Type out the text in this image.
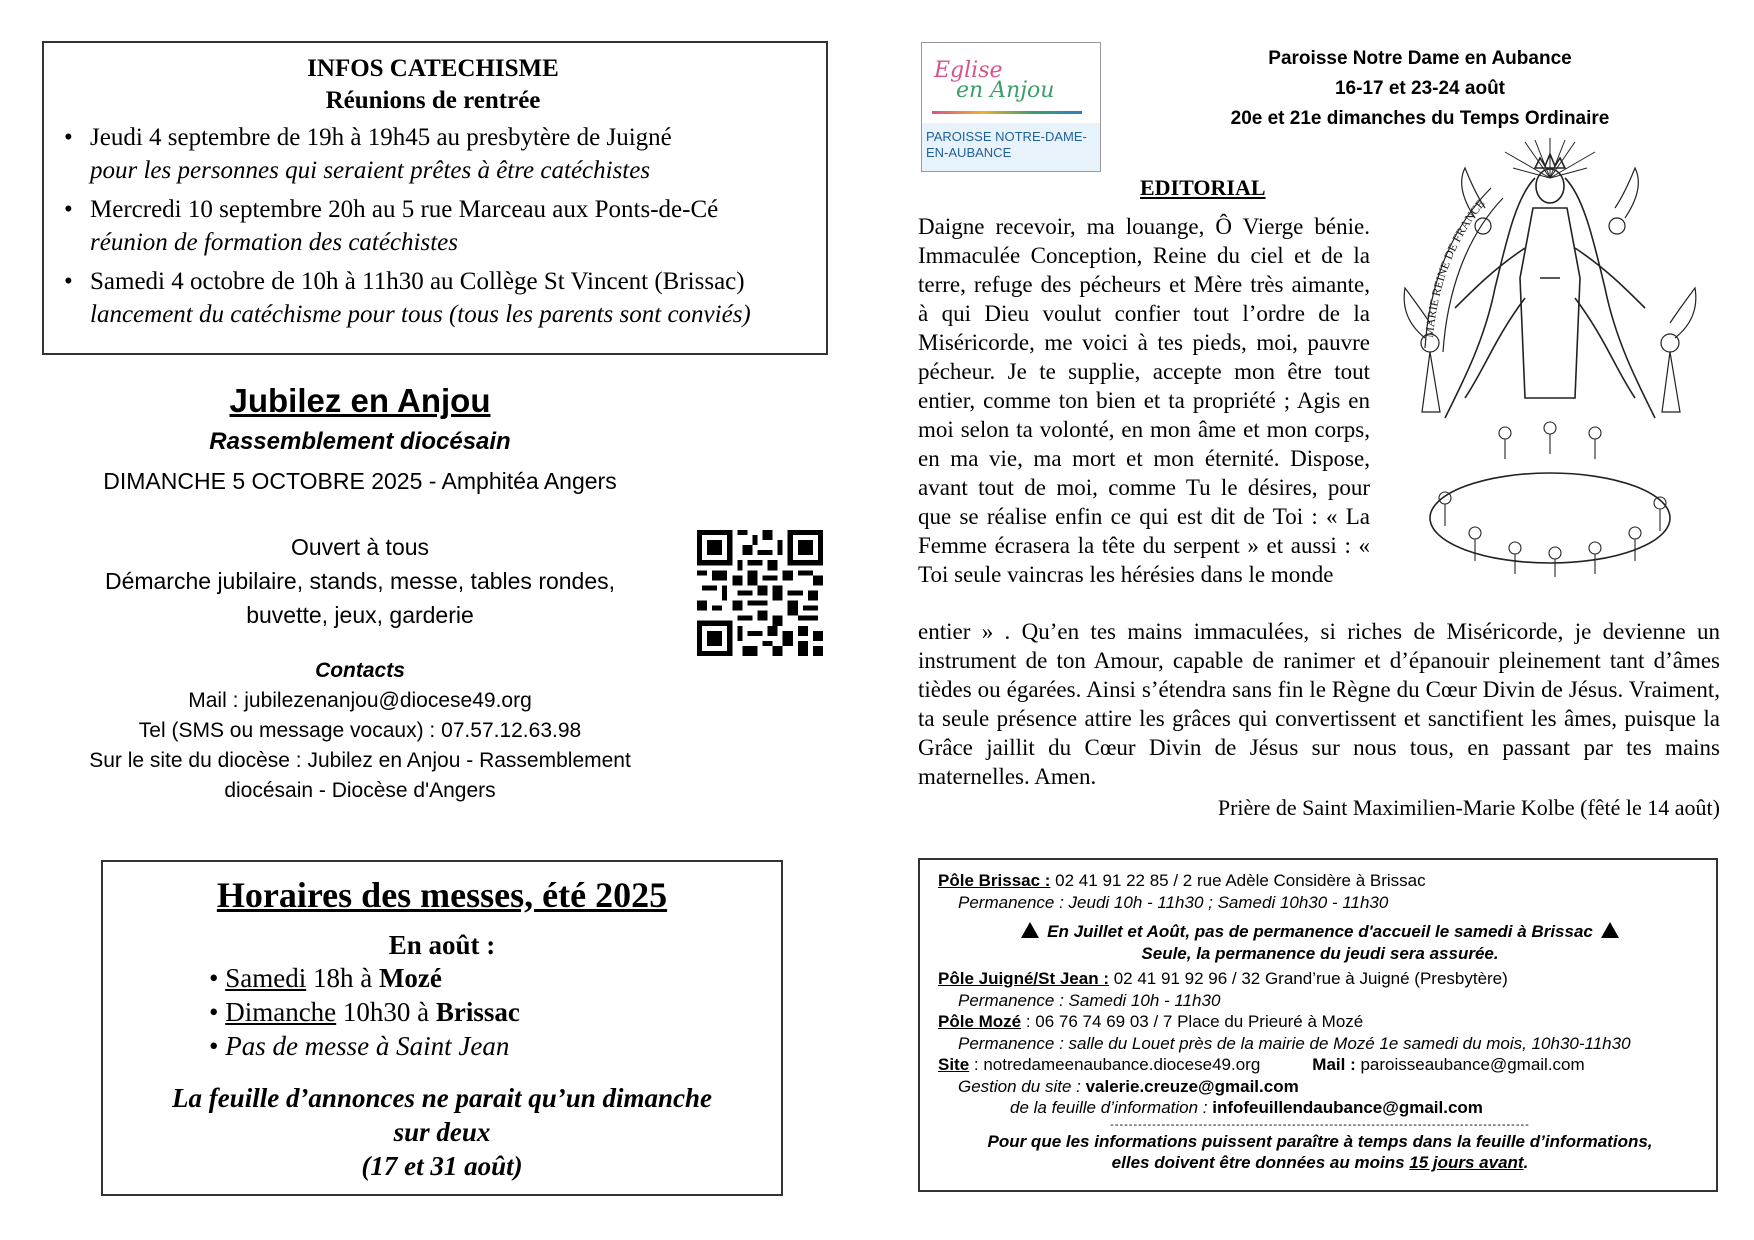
INFOS CATECHISME
Réunions de rentrée
• Jeudi 4 septembre de 19h à 19h45 au presbytère de Juigné
pour les personnes qui seraient prêtes à être catéchistes
• Mercredi 10 septembre 20h au 5 rue Marceau aux Ponts-de-Cé
réunion de formation des catéchistes
• Samedi 4 octobre de 10h à 11h30 au Collège St Vincent (Brissac)
lancement du catéchisme pour tous (tous les parents sont conviés)
Jubilez en Anjou
Rassemblement diocésain
DIMANCHE 5 OCTOBRE 2025 - Amphitéa Angers
Ouvert à tous
Démarche jubilaire, stands, messe, tables rondes,
buvette, jeux, garderie
Contacts
Mail : jubilezenanjou@diocese49.org
Tel (SMS ou message vocaux) : 07.57.12.63.98
Sur le site du diocèse : Jubilez en Anjou - Rassemblement
diocésain - Diocèse d'Angers
Horaires des messes, été 2025
En août :
• Samedi 18h à Mozé
• Dimanche 10h30 à Brissac
• Pas de messe à Saint Jean
La feuille d’annonces ne parait qu’un dimanche
sur deux
(17 et 31 août)
Eglise
en Anjou
PAROISSE NOTRE-DAME-
EN-AUBANCE
Paroisse Notre Dame en Aubance
16-17 et 23-24 août
20e et 21e dimanches du Temps Ordinaire
EDITORIAL
Daigne recevoir, ma louange, Ô Vierge bénie. Immaculée Conception, Reine du ciel et de la terre, refuge des pécheurs et Mère très aimante, à qui Dieu voulut confier tout l’ordre de la Miséricorde, me voici à tes pieds, moi, pauvre pécheur. Je te supplie, accepte mon être tout entier, comme ton bien et ta propriété ; Agis en moi selon ta volonté, en mon âme et mon corps, en ma vie, ma mort et mon éternité. Dispose, avant tout de moi, comme Tu le désires, pour que se réalise enfin ce qui est dit de Toi : « La Femme écrasera la tête du serpent » et aussi : « Toi seule vaincras les hérésies dans le monde
entier » . Qu’en tes mains immaculées, si riches de Miséricorde, je devienne un instrument de ton Amour, capable de ranimer et d’épanouir pleinement tant d’âmes tièdes ou égarées. Ainsi s’étendra sans fin le Règne du Cœur Divin de Jésus. Vraiment, ta seule présence attire les grâces qui convertissent et sanctifient les âmes, puisque la Grâce jaillit du Cœur Divin de Jésus sur nous tous, en passant par tes mains maternelles. Amen.
Prière de Saint Maximilien-Marie Kolbe (fêté le 14 août)
MARIE REINE DE FRANCE
Pôle Brissac : 02 41 91 22 85 / 2 rue Adèle Considère à Brissac
Permanence : Jeudi 10h - 11h30 ; Samedi 10h30 - 11h30
En Juillet et Août, pas de permanence d'accueil le samedi à Brissac
Seule, la permanence du jeudi sera assurée.
Pôle Juigné/St Jean : 02 41 91 92 96 / 32 Grand’rue à Juigné (Presbytère)
Permanence : Samedi 10h - 11h30
Pôle Mozé : 06 76 74 69 03 / 7 Place du Prieuré à Mozé
Permanence : salle du Louet près de la mairie de Mozé 1e samedi du mois, 10h30-11h30
Site : notredameenaubance.diocese49.org	Mail : paroisseaubance@gmail.com
Gestion du site : valerie.creuze@gmail.com
de la feuille d’information : infofeuillendaubance@gmail.com
------------------------------------------------------------------------------------------
Pour que les informations puissent paraître à temps dans la feuille d’informations,
elles doivent être données au moins 15 jours avant.
